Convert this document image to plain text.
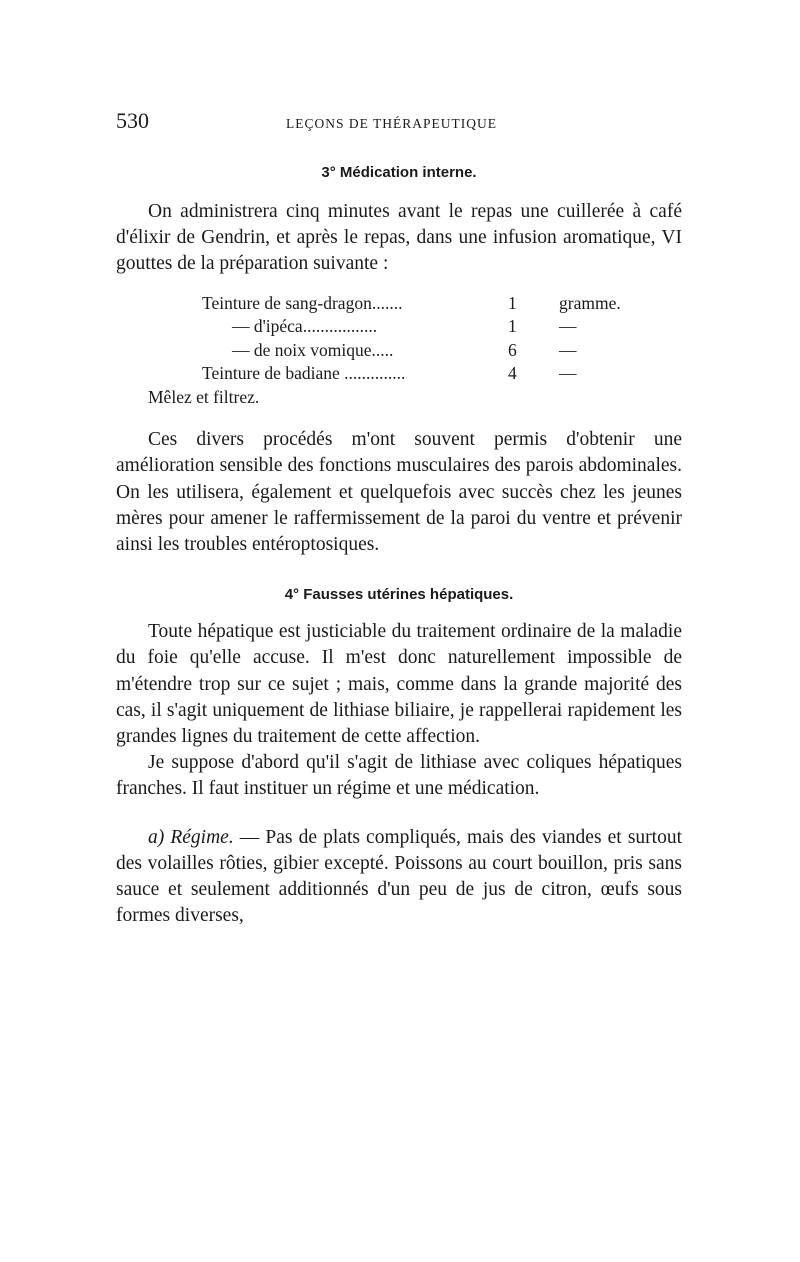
530	LEÇONS DE THÉRAPEUTIQUE
3° Médication interne.

On administrera cinq minutes avant le repas une cuillerée à café d'élixir de Gendrin, et après le repas, dans une infusion aromatique, VI gouttes de la préparation suivante :

Teinture de sang-dragon.......	1 gramme.
— d'ipéca.................	1 —
— de noix vomique.....	6 —
Teinture de badiane ..............	4 —
Mêlez et filtrez.

Ces divers procédés m'ont souvent permis d'obtenir une amélioration sensible des fonctions musculaires des parois abdominales. On les utilisera, également et quelquefois avec succès chez les jeunes mères pour amener le raffermissement de la paroi du ventre et prévenir ainsi les troubles entéroptosiques.

4° Fausses utérines hépatiques.

Toute hépatique est justiciable du traitement ordinaire de la maladie du foie qu'elle accuse. Il m'est donc naturellement impossible de m'étendre trop sur ce sujet ; mais, comme dans la grande majorité des cas, il s'agit uniquement de lithiase biliaire, je rappellerai rapidement les grandes lignes du traitement de cette affection.

Je suppose d'abord qu'il s'agit de lithiase avec coliques hépatiques franches. Il faut instituer un régime et une médication.

a) Régime. — Pas de plats compliqués, mais des viandes et surtout des volailles rôties, gibier excepté. Poissons au court bouillon, pris sans sauce et seulement additionnés d'un peu de jus de citron, œufs sous formes diverses,
